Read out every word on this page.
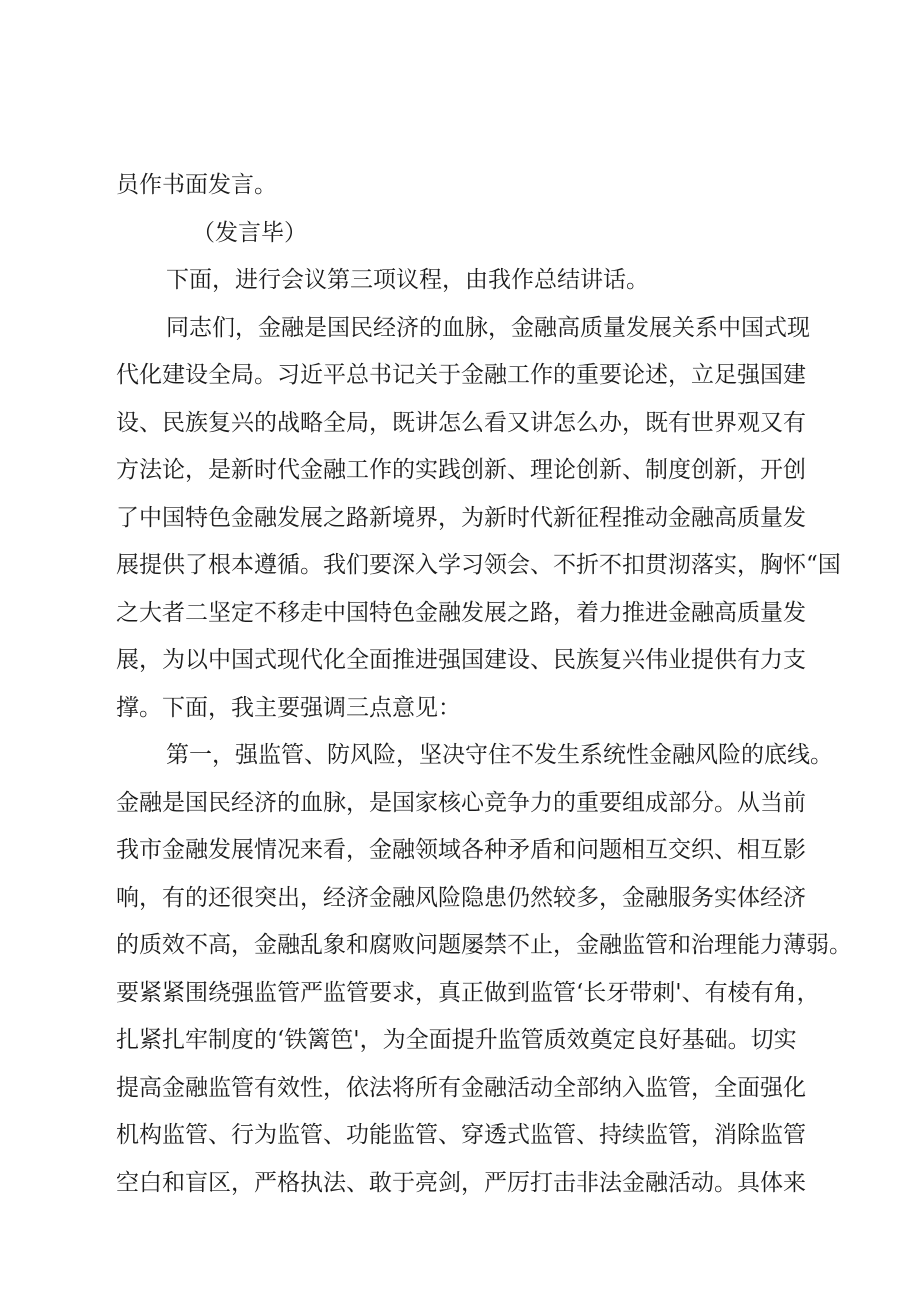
员作书面发言。
（发言毕）
下面，进行会议第三项议程，由我作总结讲话。
同志们，金融是国民经济的血脉，金融高质量发展关系中国式现
代化建设全局。习近平总书记关于金融工作的重要论述，立足强国建
设、民族复兴的战略全局，既讲怎么看又讲怎么办，既有世界观又有
方法论，是新时代金融工作的实践创新、理论创新、制度创新，开创
了中国特色金融发展之路新境界，为新时代新征程推动金融高质量发
展提供了根本遵循。我们要深入学习领会、不折不扣贯沏落实，胸怀“国
之大者二坚定不移走中国特色金融发展之路，着力推进金融高质量发
展，为以中国式现代化全面推进强国建设、民族复兴伟业提供有力支
撑。下面，我主要强调三点意见：
第一，强监管、防风险，坚决守住不发生系统性金融风险的底线。
金融是国民经济的血脉，是国家核心竞争力的重要组成部分。从当前
我市金融发展情况来看，金融领域各种矛盾和问题相互交织、相互影
响，有的还很突出，经济金融风险隐患仍然较多，金融服务实体经济
的质效不高，金融乱象和腐败问题屡禁不止，金融监管和治理能力薄弱。
要紧紧围绕强监管严监管要求，真正做到监管‘长牙带刺'、有棱有角，
扎紧扎牢制度的‘铁篱笆'，为全面提升监管质效奠定良好基础。切实
提高金融监管有效性，依法将所有金融活动全部纳入监管，全面强化
机构监管、行为监管、功能监管、穿透式监管、持续监管，消除监管
空白和盲区，严格执法、敢于亮剑，严厉打击非法金融活动。具体来
